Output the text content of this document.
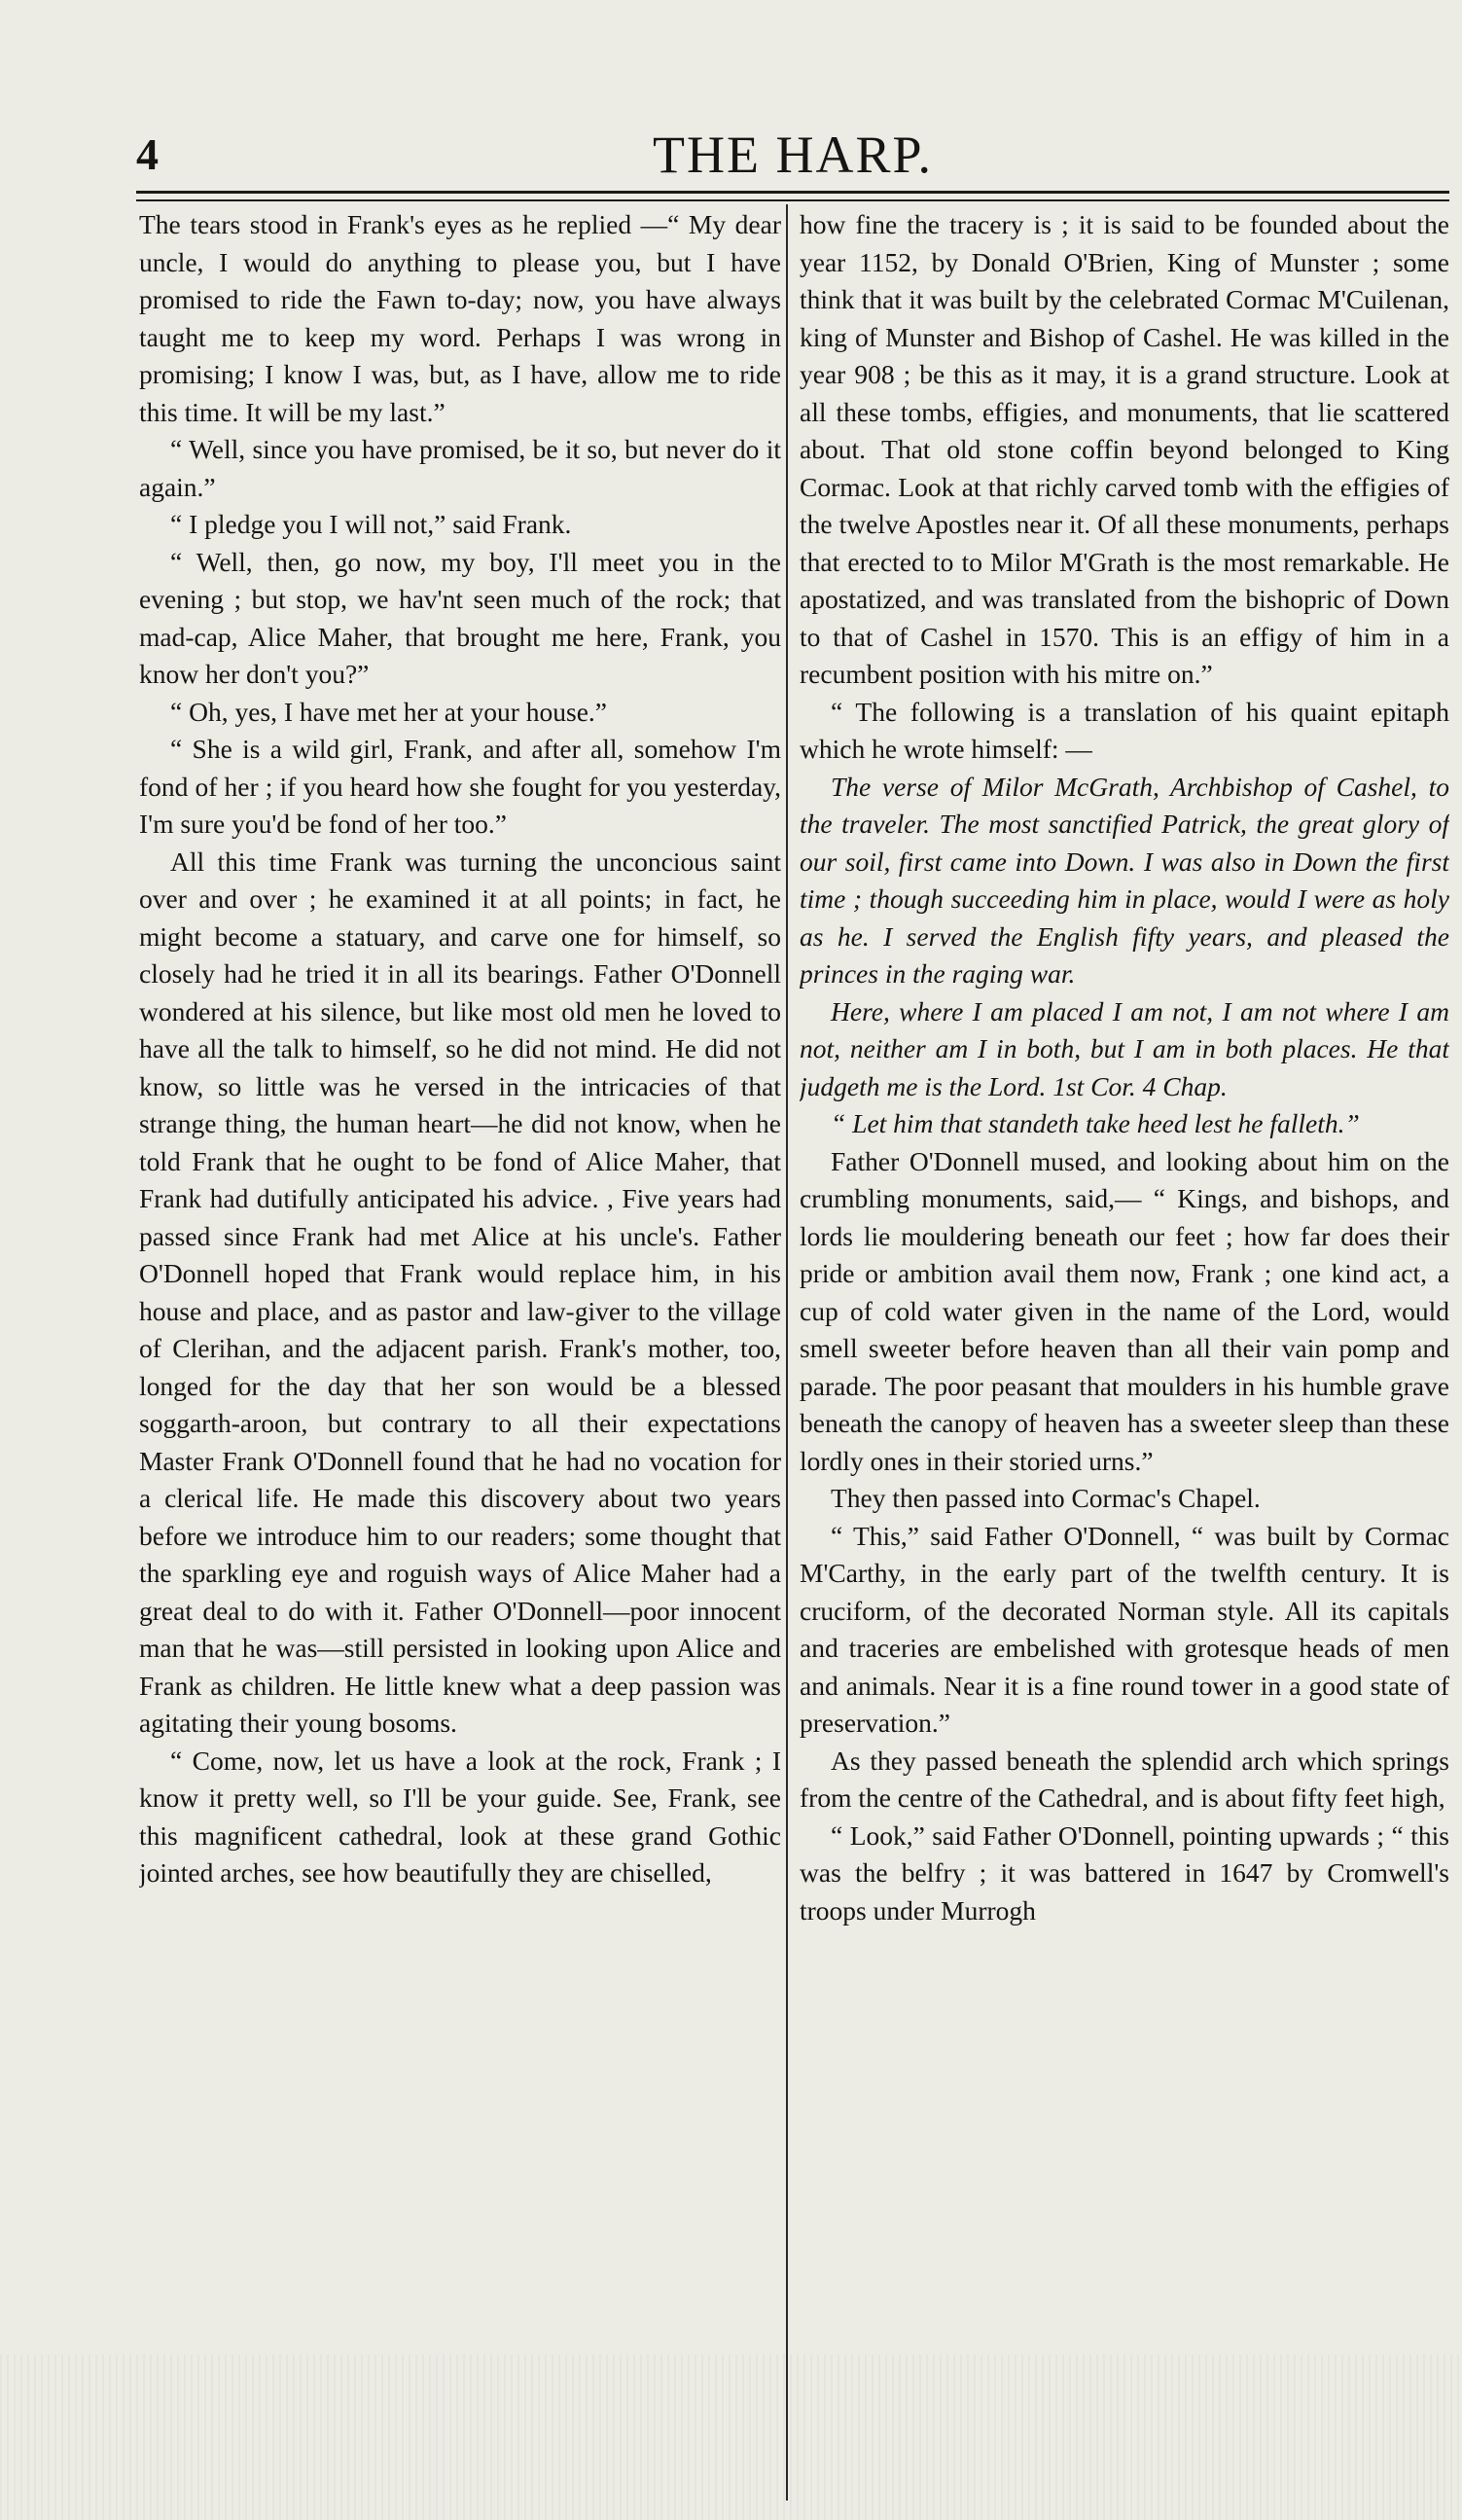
4	THE HARP.

The tears stood in Frank's eyes as he replied —“ My dear uncle, I would do anything to please you, but I have promised to ride the Fawn to-day; now, you have always taught me to keep my word. Perhaps I was wrong in promising; I know I was, but, as I have, allow me to ride this time. It will be my last.”

“ Well, since you have promised, be it so, but never do it again.”

“ I pledge you I will not,” said Frank.

“ Well, then, go now, my boy, I'll meet you in the evening ; but stop, we hav'nt seen much of the rock; that mad-cap, Alice Maher, that brought me here, Frank, you know her don't you?”

“ Oh, yes, I have met her at your house.”

“ She is a wild girl, Frank, and after all, somehow I'm fond of her ; if you heard how she fought for you yesterday, I'm sure you'd be fond of her too.”

All this time Frank was turning the unconcious saint over and over ; he examined it at all points; in fact, he might become a statuary, and carve one for himself, so closely had he tried it in all its bearings. Father O'Donnell wondered at his silence, but like most old men he loved to have all the talk to himself, so he did not mind. He did not know, so little was he versed in the intricacies of that strange thing, the human heart—he did not know, when he told Frank that he ought to be fond of Alice Maher, that Frank had dutifully anticipated his advice. , Five years had passed since Frank had met Alice at his uncle's. Father O'Donnell hoped that Frank would replace him, in his house and place, and as pastor and law-giver to the village of Clerihan, and the adjacent parish. Frank's mother, too, longed for the day that her son would be a blessed soggarth-aroon, but contrary to all their expectations Master Frank O'Donnell found that he had no vocation for a clerical life. He made this discovery about two years before we introduce him to our readers; some thought that the sparkling eye and roguish ways of Alice Maher had a great deal to do with it. Father O'Donnell—poor innocent man that he was—still persisted in looking upon Alice and Frank as children. He little knew what a deep passion was agitating their young bosoms.

“ Come, now, let us have a look at the rock, Frank ; I know it pretty well, so I'll be your guide. See, Frank, see this magnificent cathedral, look at these grand Gothic jointed arches, see how beautifully they are chiselled,

how fine the tracery is ; it is said to be founded about the year 1152, by Donald O'Brien, King of Munster ; some think that it was built by the celebrated Cormac M'Cuilenan, king of Munster and Bishop of Cashel. He was killed in the year 908 ; be this as it may, it is a grand structure. Look at all these tombs, effigies, and monuments, that lie scattered about. That old stone coffin beyond belonged to King Cormac. Look at that richly carved tomb with the effigies of the twelve Apostles near it. Of all these monuments, perhaps that erected to to Milor M'Grath is the most remarkable. He apostatized, and was translated from the bishopric of Down to that of Cashel in 1570. This is an effigy of him in a recumbent position with his mitre on.”

“ The following is a translation of his quaint epitaph which he wrote himself: —

The verse of Milor McGrath, Archbishop of Cashel, to the traveler. The most sanctified Patrick, the great glory of our soil, first came into Down. I was also in Down the first time ; though succeeding him in place, would I were as holy as he. I served the English fifty years, and pleased the princes in the raging war.

Here, where I am placed I am not, I am not where I am not, neither am I in both, but I am in both places. He that judgeth me is the Lord. 1st Cor. 4 Chap.

“ Let him that standeth take heed lest he falleth.”

Father O'Donnell mused, and looking about him on the crumbling monuments, said,— “ Kings, and bishops, and lords lie mouldering beneath our feet ; how far does their pride or ambition avail them now, Frank ; one kind act, a cup of cold water given in the name of the Lord, would smell sweeter before heaven than all their vain pomp and parade. The poor peasant that moulders in his humble grave beneath the canopy of heaven has a sweeter sleep than these lordly ones in their storied urns.”

They then passed into Cormac's Chapel.

“ This,” said Father O'Donnell, “ was built by Cormac M'Carthy, in the early part of the twelfth century. It is cruciform, of the decorated Norman style. All its capitals and traceries are embelished with grotesque heads of men and animals. Near it is a fine round tower in a good state of preservation.”

As they passed beneath the splendid arch which springs from the centre of the Cathedral, and is about fifty feet high,

“ Look,” said Father O'Donnell, pointing upwards ; “ this was the belfry ; it was battered in 1647 by Cromwell's troops under Murrogh
